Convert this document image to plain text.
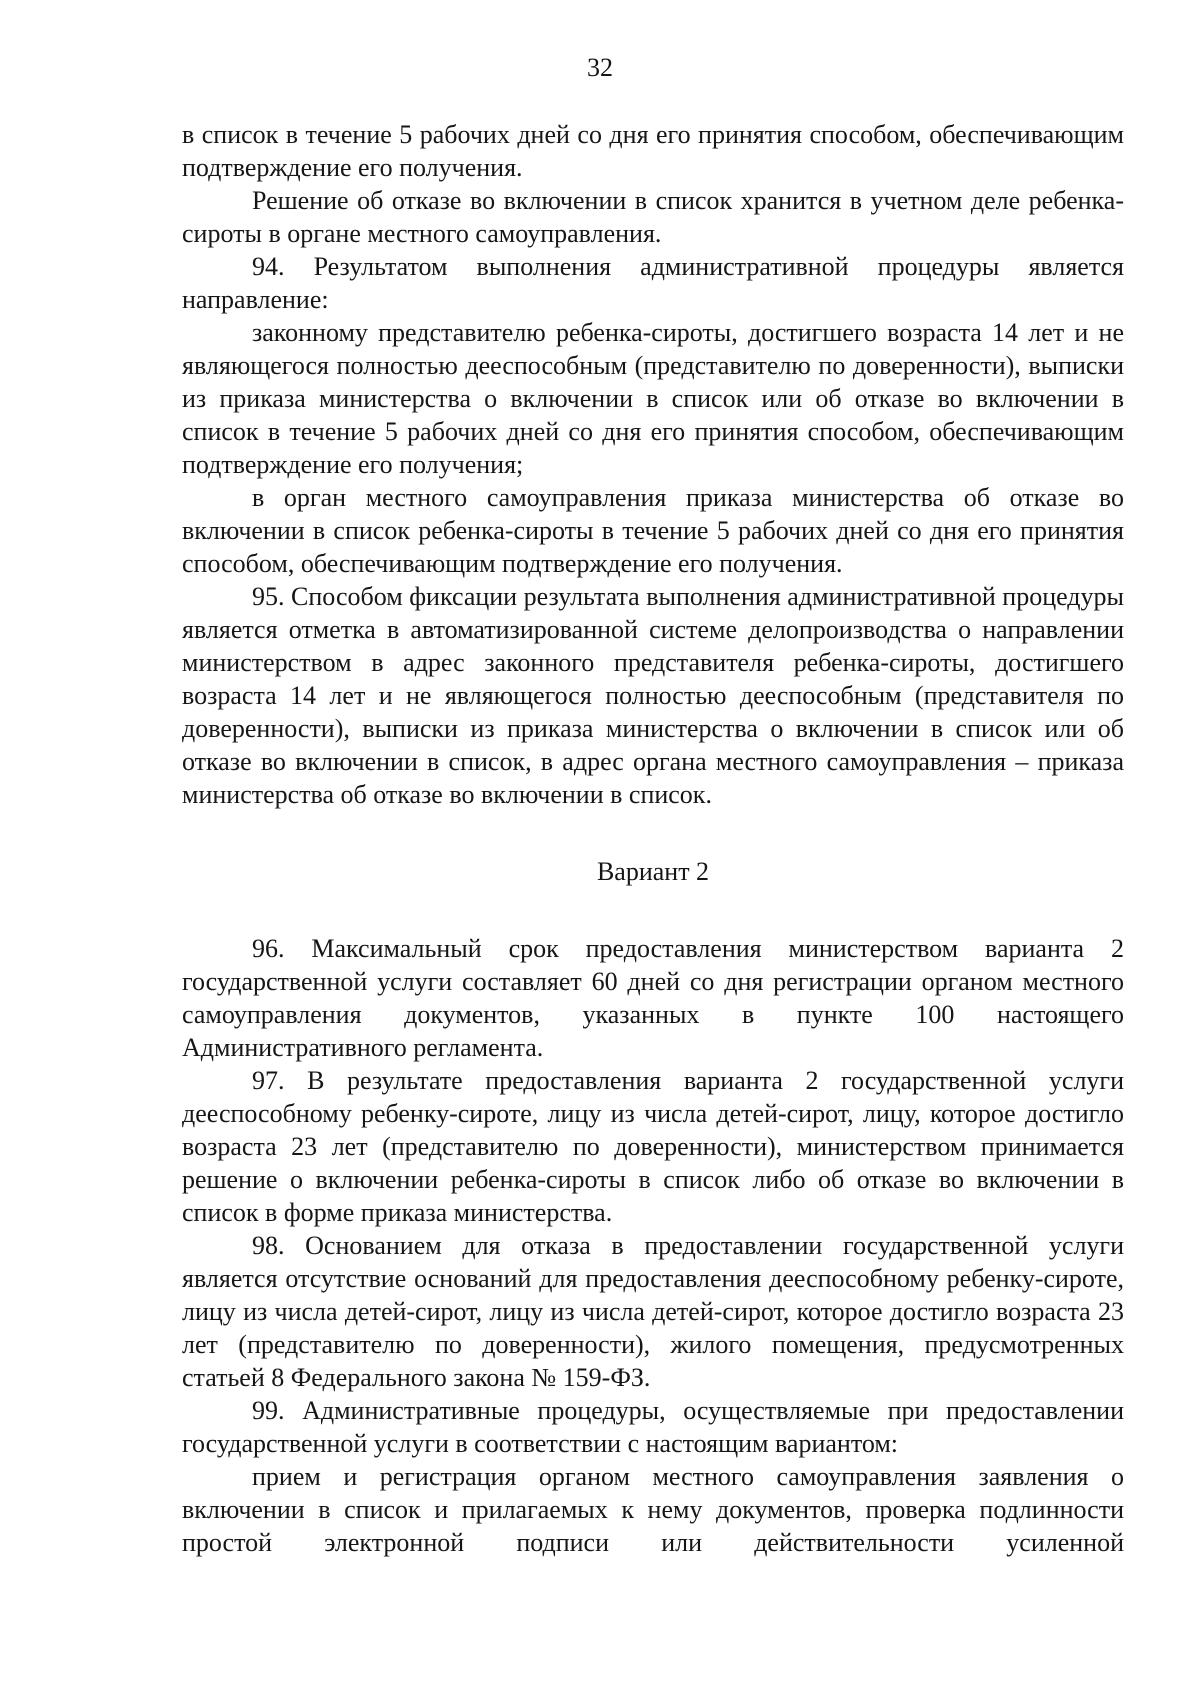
32

в список в течение 5 рабочих дней со дня его принятия способом, обеспечивающим подтверждение его получения.

Решение об отказе во включении в список хранится в учетном деле ребенка-сироты в органе местного самоуправления.

94. Результатом выполнения административной процедуры является направление:

законному представителю ребенка-сироты, достигшего возраста 14 лет и не являющегося полностью дееспособным (представителю по доверенности), выписки из приказа министерства о включении в список или об отказе во включении в список в течение 5 рабочих дней со дня его принятия способом, обеспечивающим подтверждение его получения;

в орган местного самоуправления приказа министерства об отказе во включении в список ребенка-сироты в течение 5 рабочих дней со дня его принятия способом, обеспечивающим подтверждение его получения.

95. Способом фиксации результата выполнения административной процедуры является отметка в автоматизированной системе делопроизводства о направлении министерством в адрес законного представителя ребенка-сироты, достигшего возраста 14 лет и не являющегося полностью дееспособным (представителя по доверенности), выписки из приказа министерства о включении в список или об отказе во включении в список, в адрес органа местного самоуправления – приказа министерства об отказе во включении в список.

Вариант 2

96. Максимальный срок предоставления министерством варианта 2 государственной услуги составляет 60 дней со дня регистрации органом местного самоуправления документов, указанных в пункте 100 настоящего Административного регламента.

97. В результате предоставления варианта 2 государственной услуги дееспособному ребенку-сироте, лицу из числа детей-сирот, лицу, которое достигло возраста 23 лет (представителю по доверенности), министерством принимается решение о включении ребенка-сироты в список либо об отказе во включении в список в форме приказа министерства.

98. Основанием для отказа в предоставлении государственной услуги является отсутствие оснований для предоставления дееспособному ребенку-сироте, лицу из числа детей-сирот, лицу из числа детей-сирот, которое достигло возраста 23 лет (представителю по доверенности), жилого помещения, предусмотренных статьей 8 Федерального закона № 159-ФЗ.

99. Административные процедуры, осуществляемые при предоставлении государственной услуги в соответствии с настоящим вариантом:

прием и регистрация органом местного самоуправления заявления о включении в список и прилагаемых к нему документов, проверка подлинности простой электронной подписи или действительности усиленной
